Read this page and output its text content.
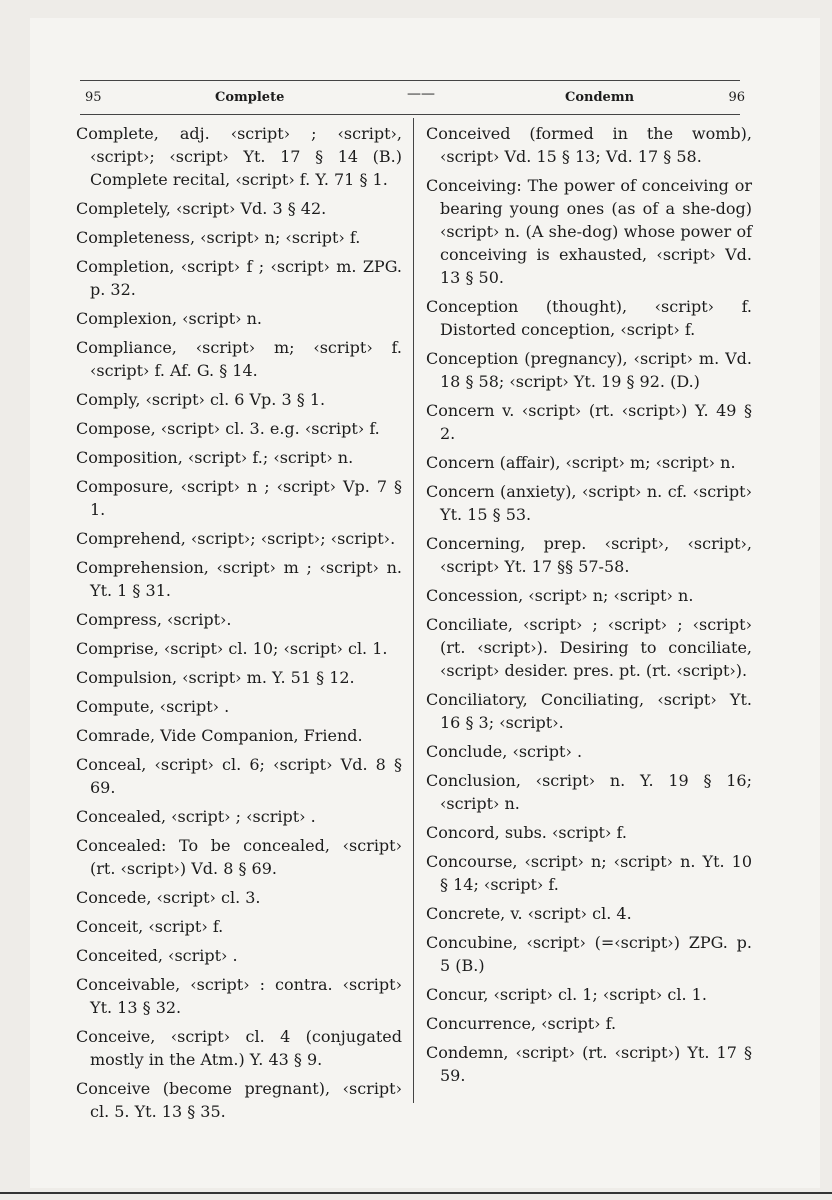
95	Complete	——	Condemn	96

Complete, adj. ‹script› ; ‹script›, ‹script›; ‹script› Yt. 17 § 14 (B.) Complete recital, ‹script› f. Y. 71 § 1.

Completely, ‹script› Vd. 3 § 42.

Completeness, ‹script› n; ‹script› f.

Completion, ‹script› f ; ‹script› m. ZPG. p. 32.

Complexion, ‹script› n.

Compliance, ‹script› m; ‹script› f. ‹script› f. Af. G. § 14.

Comply, ‹script› cl. 6 Vp. 3 § 1.

Compose, ‹script› cl. 3. e.g. ‹script› f.

Composition, ‹script› f.; ‹script› n.

Composure, ‹script› n ; ‹script› Vp. 7 § 1.

Comprehend, ‹script›; ‹script›; ‹script›.

Comprehension, ‹script› m ; ‹script› n. Yt. 1 § 31.

Compress, ‹script›.

Comprise, ‹script› cl. 10; ‹script› cl. 1.

Compulsion, ‹script› m. Y. 51 § 12.

Compute, ‹script› .

Comrade, Vide Companion, Friend.

Conceal, ‹script› cl. 6; ‹script› Vd. 8 § 69.

Concealed, ‹script› ; ‹script› .

Concealed: To be concealed, ‹script› (rt. ‹script›) Vd. 8 § 69.

Concede, ‹script› cl. 3.

Conceit, ‹script› f.

Conceited, ‹script› .

Conceivable, ‹script› : contra. ‹script› Yt. 13 § 32.

Conceive, ‹script› cl. 4 (conjugated mostly in the Atm.) Y. 43 § 9.

Conceive (become pregnant), ‹script› cl. 5. Yt. 13 § 35.

Conceived (formed in the womb), ‹script› Vd. 15 § 13; Vd. 17 § 58.

Conceiving: The power of conceiving or bearing young ones (as of a she-dog) ‹script› n. (A she-dog) whose power of conceiving is exhausted, ‹script› Vd. 13 § 50.

Conception (thought), ‹script› f. Distorted conception, ‹script› f.

Conception (pregnancy), ‹script› m. Vd. 18 § 58; ‹script› Yt. 19 § 92. (D.)

Concern v. ‹script› (rt. ‹script›) Y. 49 § 2.

Concern (affair), ‹script› m; ‹script› n.

Concern (anxiety), ‹script› n. cf. ‹script› Yt. 15 § 53.

Concerning, prep. ‹script›, ‹script›, ‹script› Yt. 17 §§ 57-58.

Concession, ‹script› n; ‹script› n.

Conciliate, ‹script› ; ‹script› ; ‹script› (rt. ‹script›). Desiring to conciliate, ‹script› desider. pres. pt. (rt. ‹script›).

Conciliatory, Conciliating, ‹script› Yt. 16 § 3; ‹script›.

Conclude, ‹script› .

Conclusion, ‹script› n. Y. 19 § 16; ‹script› n.

Concord, subs. ‹script› f.

Concourse, ‹script› n; ‹script› n. Yt. 10 § 14; ‹script› f.

Concrete, v. ‹script› cl. 4.

Concubine, ‹script› (=‹script›) ZPG. p. 5 (B.)

Concur, ‹script› cl. 1; ‹script› cl. 1.

Concurrence, ‹script› f.

Condemn, ‹script› (rt. ‹script›) Yt. 17 § 59.
